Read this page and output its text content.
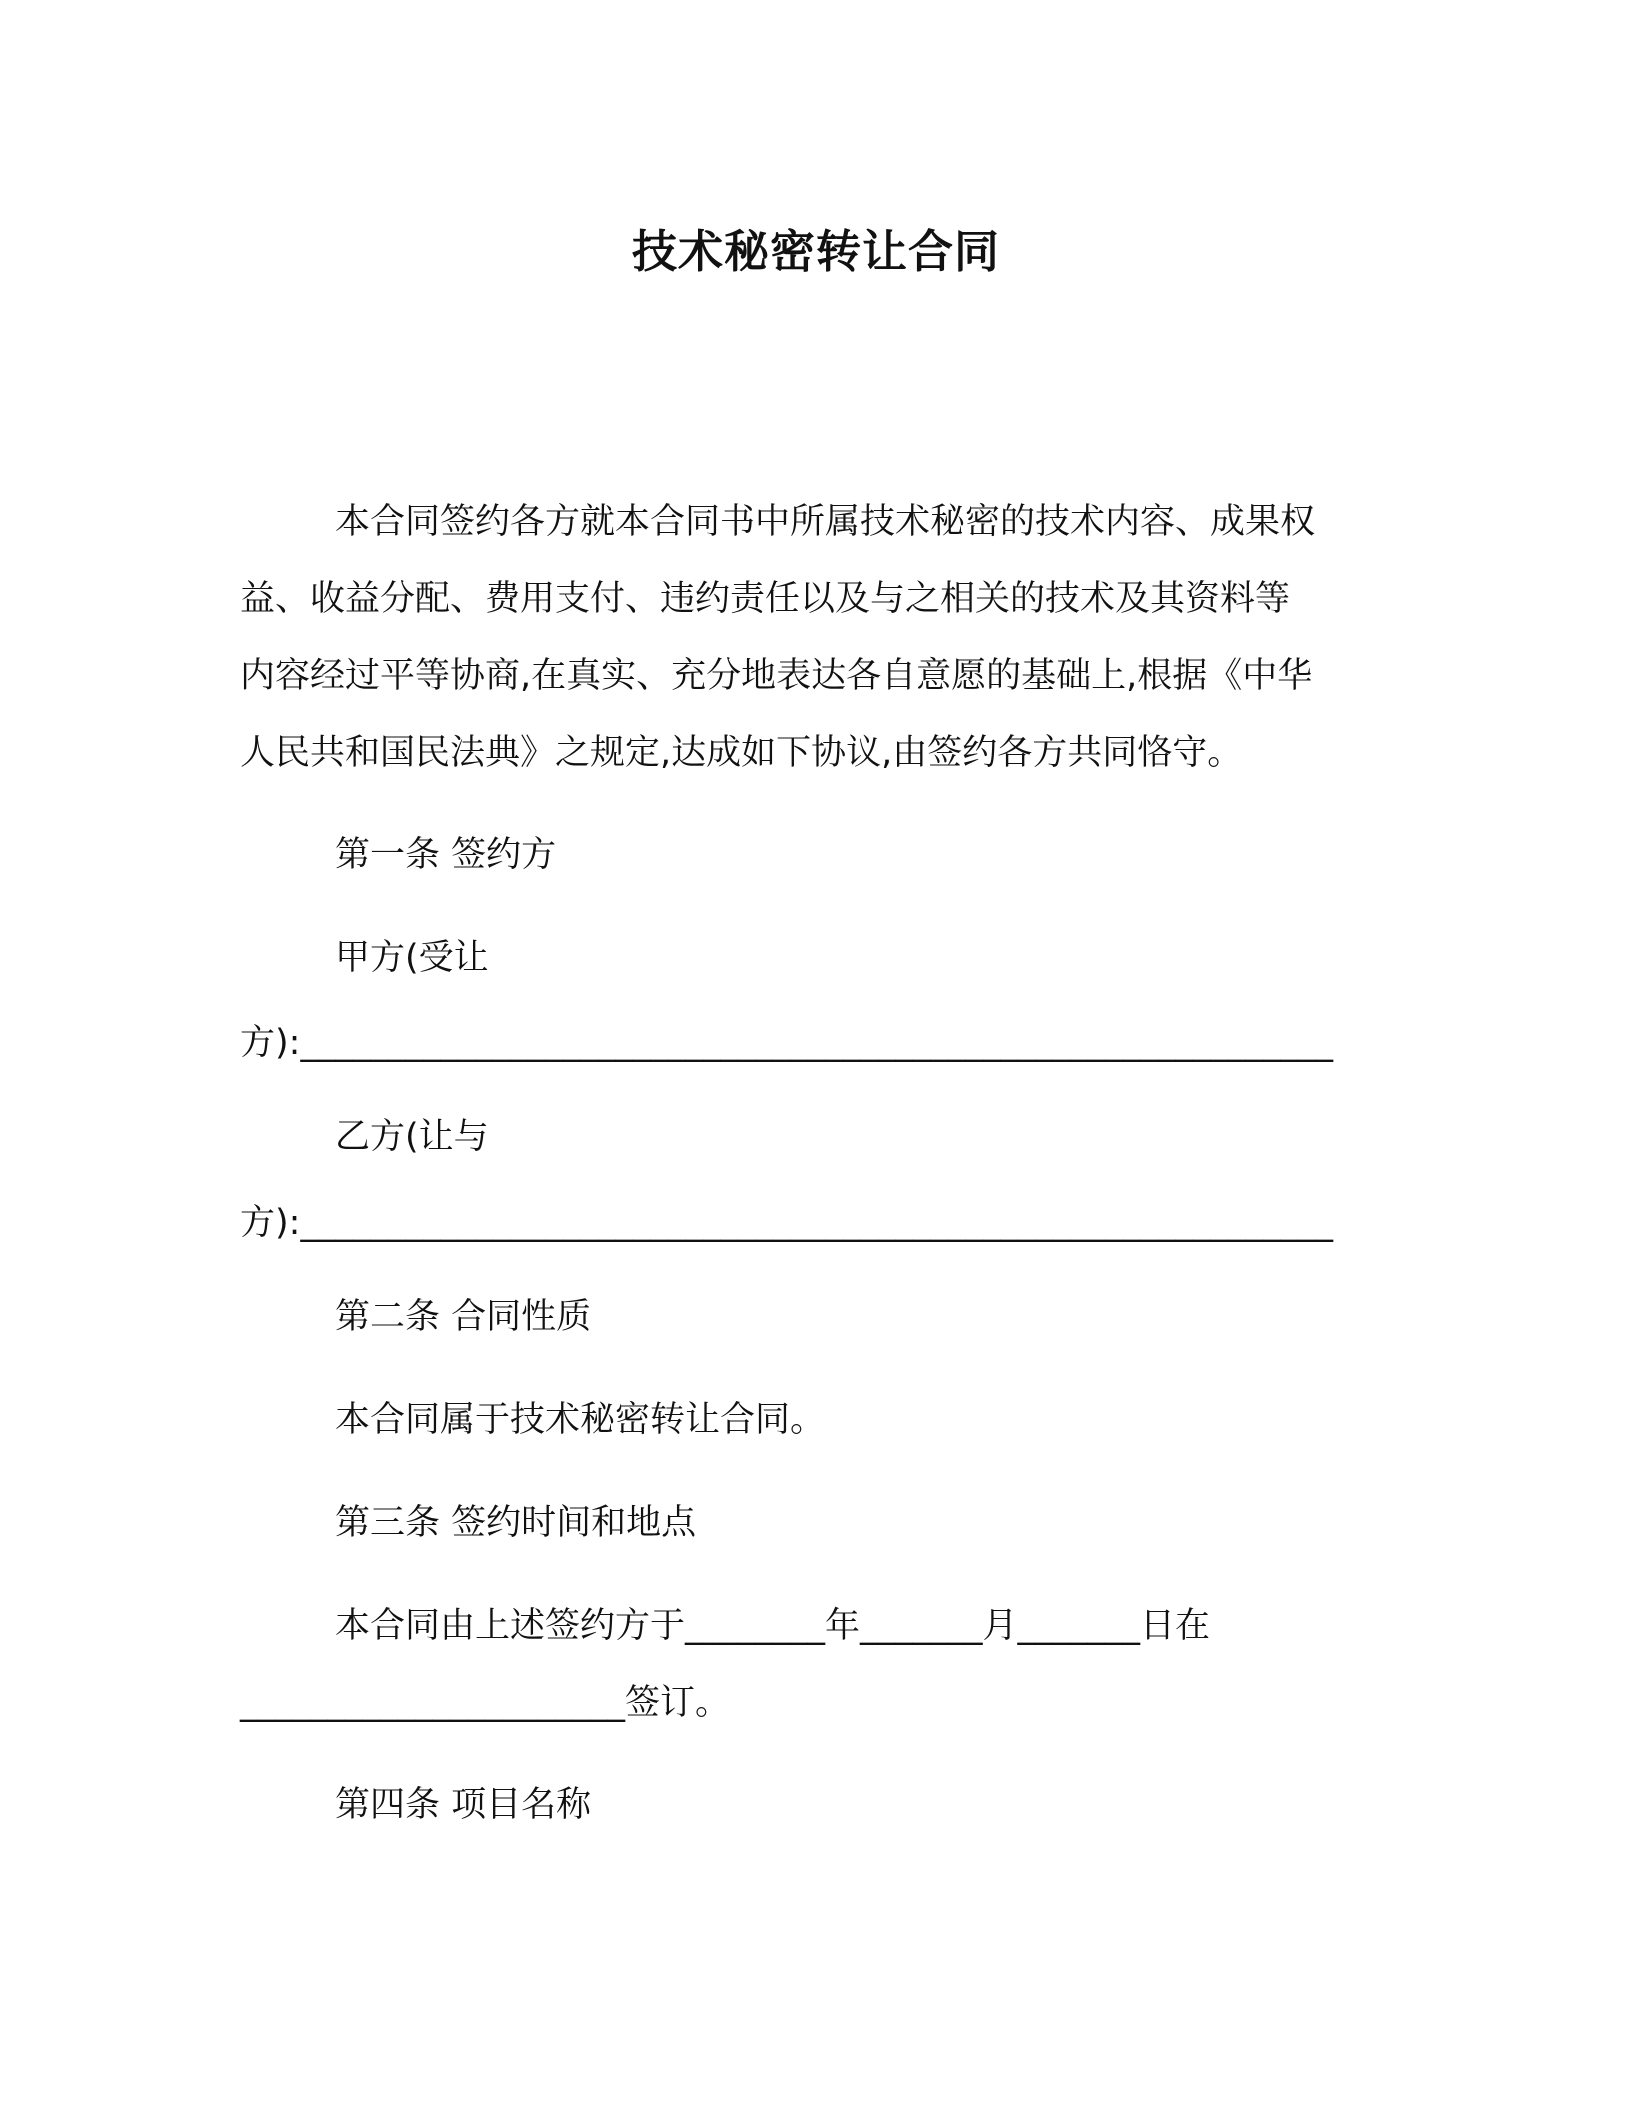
技术秘密转让合同
本合同签约各方就本合同书中所属技术秘密的技术内容、成果权
益、收益分配、费用支付、违约责任以及与之相关的技术及其资料等
内容经过平等协商,在真实、充分地表达各自意愿的基础上,根据《中华
人民共和国民法典》之规定,达成如下协议,由签约各方共同恪守。
第一条 签约方
甲方(受让
方):___________________________________________________________
乙方(让与
方):___________________________________________________________
第二条 合同性质
本合同属于技术秘密转让合同。
第三条 签约时间和地点
本合同由上述签约方于________年_______月_______日在
______________________签订。
第四条 项目名称
